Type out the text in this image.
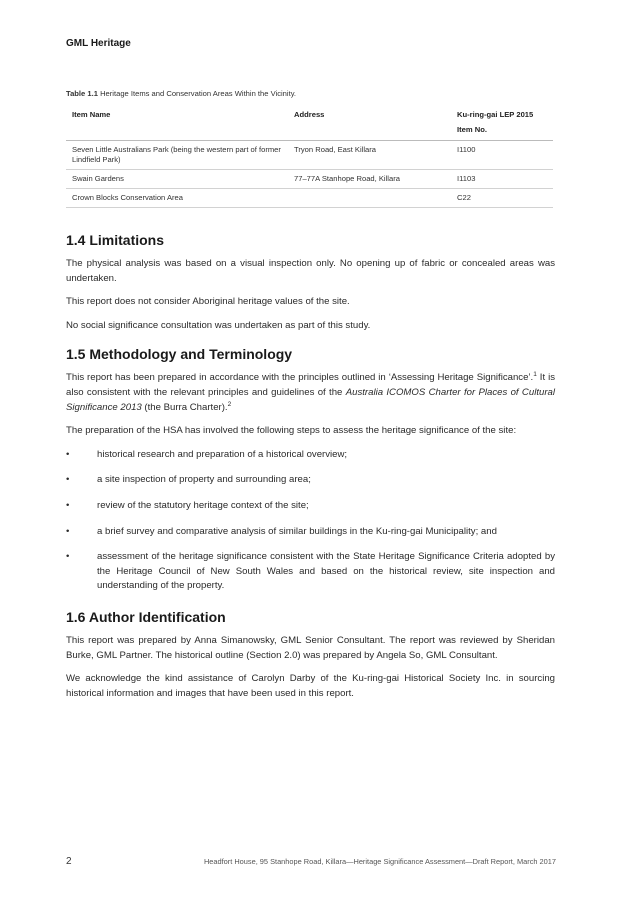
GML Heritage
Table 1.1 Heritage Items and Conservation Areas Within the Vicinity.
Item Name	Address	Ku-ring-gai LEP 2015
Item No.

Seven Little Australians Park (being the western part of former Lindfield Park)	Tryon Road, East Killara	I1100
Swain Gardens	77–77A Stanhope Road, Killara	I1103
Crown Blocks Conservation Area		C22
1.4 Limitations

The physical analysis was based on a visual inspection only. No opening up of fabric or concealed areas was undertaken.

This report does not consider Aboriginal heritage values of the site.

No social significance consultation was undertaken as part of this study.

1.5 Methodology and Terminology

This report has been prepared in accordance with the principles outlined in ‘Assessing Heritage Significance’.$^1$ It is also consistent with the relevant principles and guidelines of the Australia ICOMOS Charter for Places of Cultural Significance 2013 (the Burra Charter).$^2$

The preparation of the HSA has involved the following steps to assess the heritage significance of the site:

•	historical research and preparation of a historical overview;
•	a site inspection of property and surrounding area;
•	review of the statutory heritage context of the site;
•	a brief survey and comparative analysis of similar buildings in the Ku-ring-gai Municipality; and
•	assessment of the heritage significance consistent with the State Heritage Significance Criteria adopted by the Heritage Council of New South Wales and based on the historical review, site inspection and understanding of the property.
1.6 Author Identification

This report was prepared by Anna Simanowsky, GML Senior Consultant. The report was reviewed by Sheridan Burke, GML Partner. The historical outline (Section 2.0) was prepared by Angela So, GML Consultant.

We acknowledge the kind assistance of Carolyn Darby of the Ku-ring-gai Historical Society Inc. in sourcing historical information and images that have been used in this report.

2	Headfort House, 95 Stanhope Road, Killara—Heritage Significance Assessment—Draft Report, March 2017
